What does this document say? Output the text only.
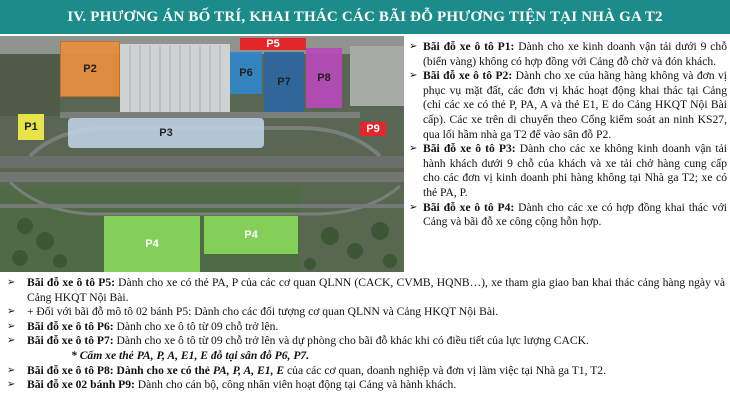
IV. PHƯƠNG ÁN BỐ TRÍ, KHAI THÁC CÁC BÃI ĐỖ PHƯƠNG TIỆN TẠI NHÀ GA T2
P2
P5
P6
P7 P8
P1	P3	P9
P4
P4
➢ Bãi đỗ xe ô tô P1: Dành cho xe kinh doanh vận tải dưới 9 chỗ (biển vàng) không có hợp đồng với Cảng đỗ chờ và đón khách.
➢ Bãi đỗ xe ô tô P2: Dành cho xe của hãng hàng không và đơn vị phục vụ mặt đất, các đơn vị khác hoạt động khai thác tại Cảng (chỉ các xe có thẻ P, PA, A và thẻ E1, E do Cảng HKQT Nội Bài cấp). Các xe trên di chuyển theo Cổng kiểm soát an ninh KS27, qua lối hầm nhà ga T2 để vào sân đỗ P2.
➢ Bãi đỗ xe ô tô P3: Dành cho các xe không kinh doanh vận tải hành khách dưới 9 chỗ của khách và xe tải chở hàng cung cấp cho các đơn vị kinh doanh phi hàng không tại Nhà ga T2; xe có thẻ PA, P.
➢ Bãi đỗ xe ô tô P4: Dành cho các xe có hợp đồng khai thác với Cảng và bãi đỗ xe công cộng hỗn hợp.
➢ Bãi đỗ xe ô tô P5: Dành cho xe có thẻ PA, P của các cơ quan QLNN (CACK, CVMB, HQNB…), xe tham gia giao ban khai thác cảng hàng ngày và Cảng HKQT Nội Bài.
➢ + Đối với bãi đỗ mô tô 02 bánh P5: Dành cho các đối tượng cơ quan QLNN và Cảng HKQT Nội Bài.
➢ Bãi đỗ xe ô tô P6: Dành cho xe ô tô từ 09 chỗ trở lên.
➢ Bãi đỗ xe ô tô P7: Dành cho xe ô tô từ 09 chỗ trở lên và dự phòng cho bãi đỗ khác khi có điều tiết của lực lượng CACK.
* Cấm xe thẻ PA, P, A, E1, E đỗ tại sân đỗ P6, P7.
➢ Bãi đỗ xe ô tô P8: Dành cho xe có thẻ PA, P, A, E1, E của các cơ quan, doanh nghiệp và đơn vị làm việc tại Nhà ga T1, T2.
➢ Bãi đỗ xe 02 bánh P9: Dành cho cán bộ, công nhân viên hoạt động tại Cảng và hành khách.
